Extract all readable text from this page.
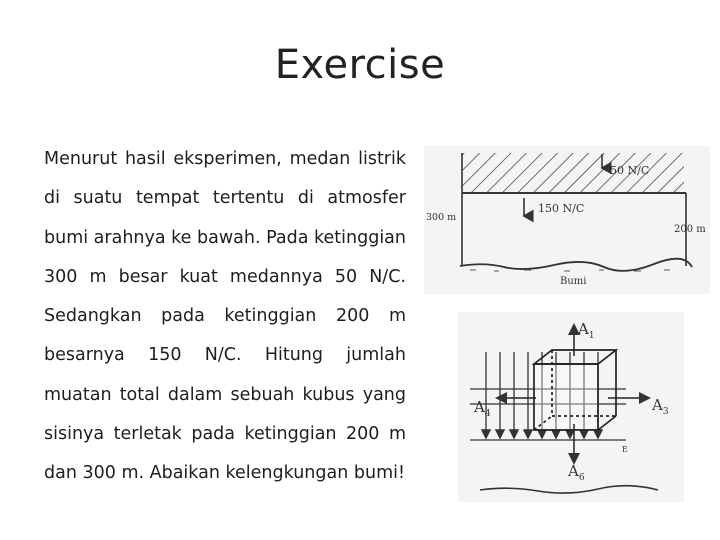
Exercise
Menurut hasil eksperimen, medan listrik di suatu tempat tertentu di atmosfer bumi arahnya ke bawah. Pada ketinggian 300 m besar kuat medannya 50 N/C. Sedangkan pada ketinggian 200 m besarnya 150 N/C. Hitung jumlah muatan total dalam sebuah kubus yang sisinya terletak pada ketinggian 200 m dan 300 m. Abaikan kelengkungan bumi!
50 N/C
150 N/C
300 m
200 m
Bumi
$A_1$
$A_4$	$A_3$
$A_6$
E
